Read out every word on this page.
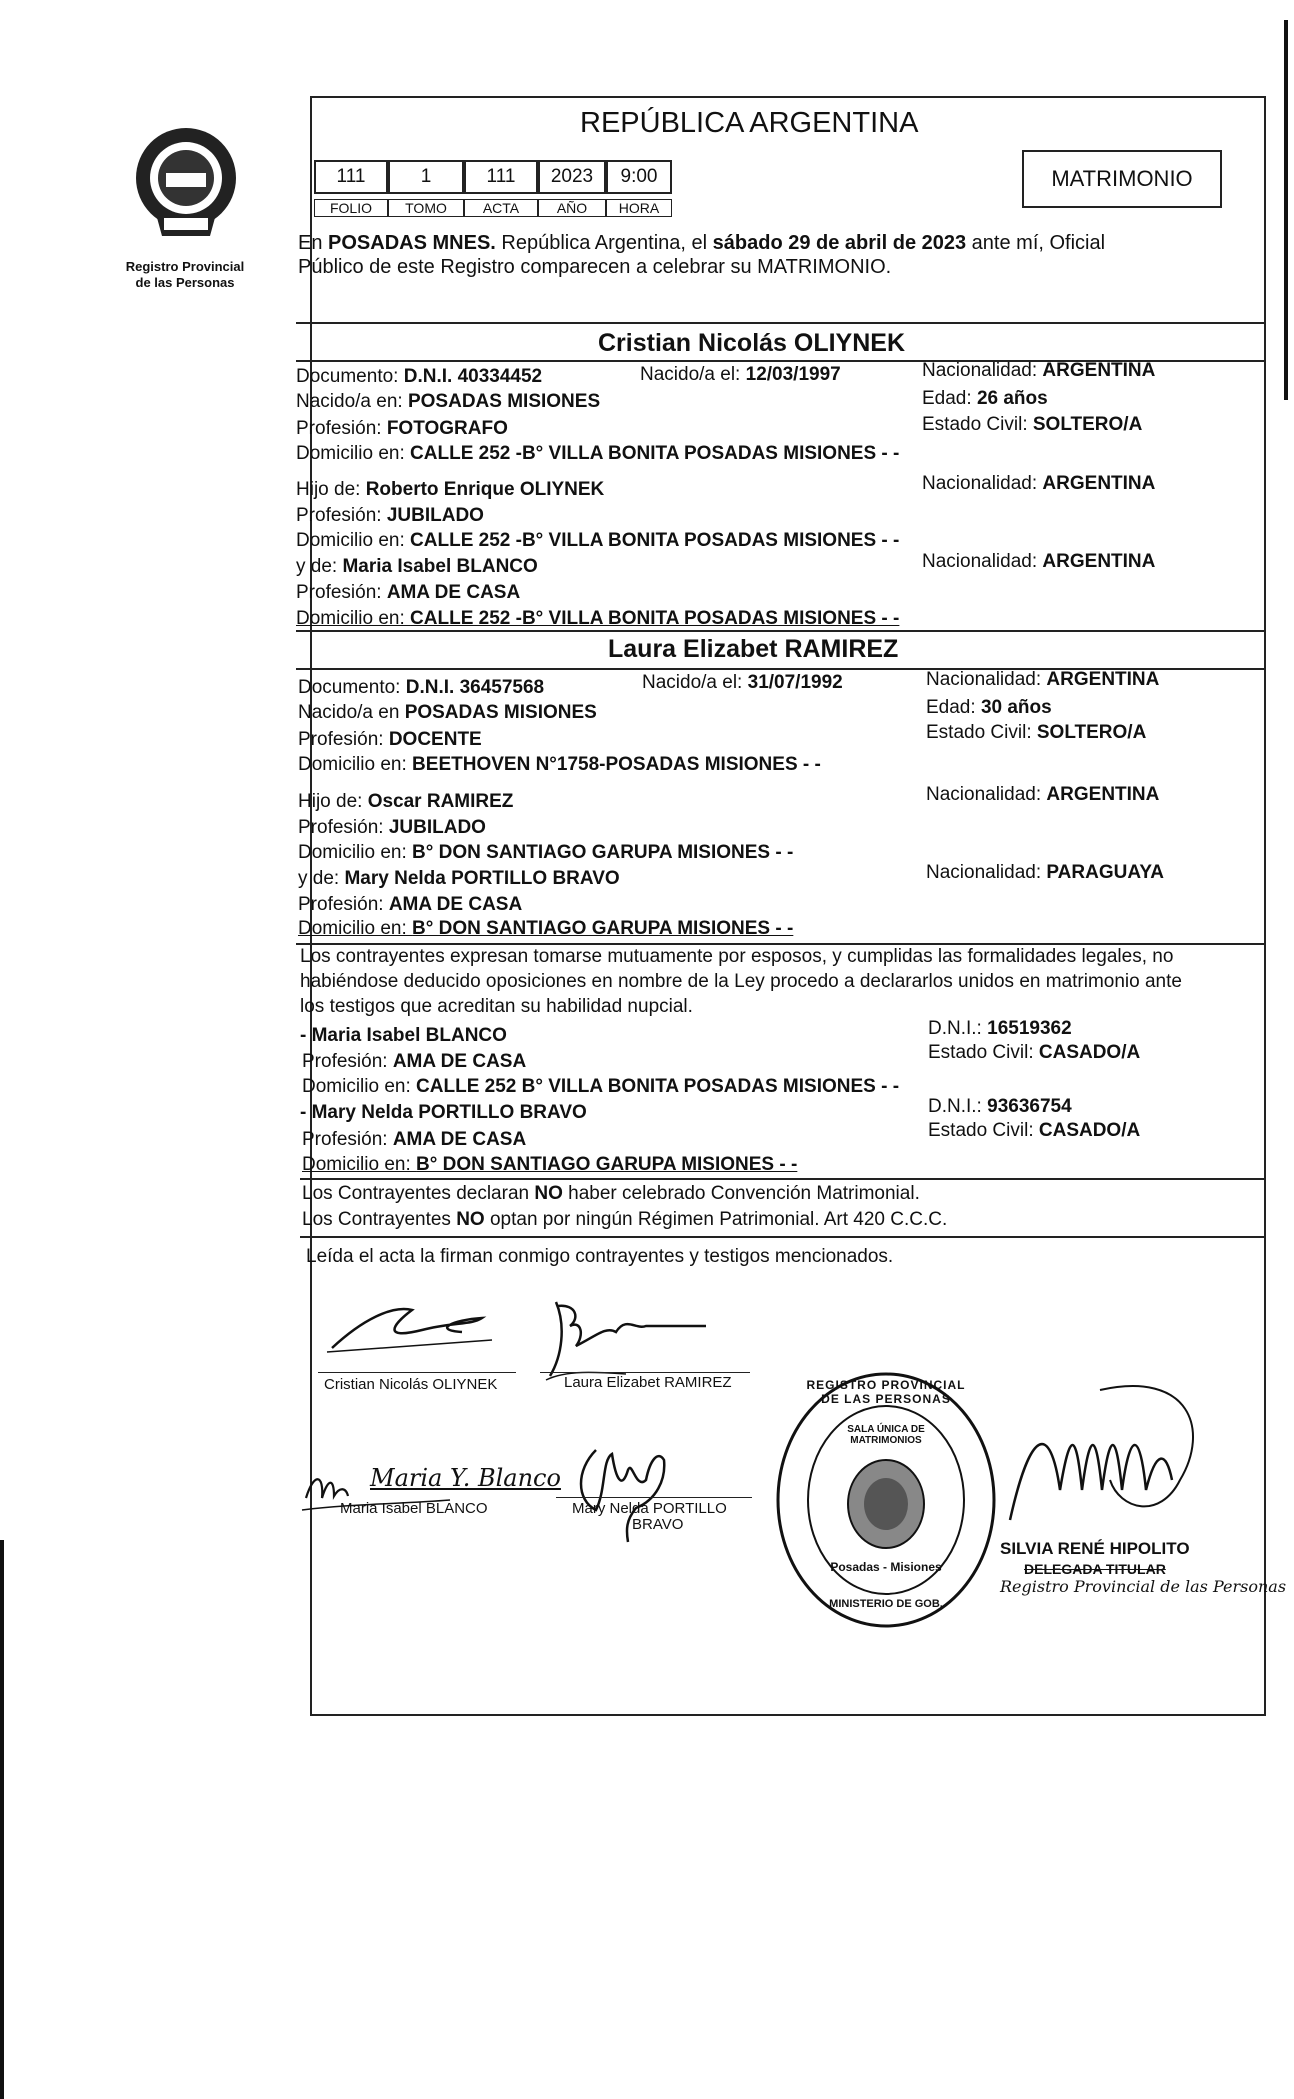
Registro Provincial
de las Personas
REPÚBLICA ARGENTINA
MATRIMONIO
111	1	111	2023	9:00
FOLIO	TOMO	ACTA	AÑO	HORA
En POSADAS MNES. República Argentina, el sábado 29 de abril de 2023 ante mí, Oficial
Público de este Registro comparecen a celebrar su MATRIMONIO.
Cristian Nicolás OLIYNEK
Documento: D.N.I. 40334452	Nacido/a el: 12/03/1997	Nacionalidad: ARGENTINA
Nacido/a en: POSADAS MISIONES	Edad: 26 años
Profesión: FOTOGRAFO	Estado Civil: SOLTERO/A
Domicilio en: CALLE 252 -B° VILLA BONITA POSADAS MISIONES - -
Hijo de: Roberto Enrique OLIYNEK	Nacionalidad: ARGENTINA
Profesión: JUBILADO
Domicilio en: CALLE 252 -B° VILLA BONITA POSADAS MISIONES - -
y de: Maria Isabel BLANCO	Nacionalidad: ARGENTINA
Profesión: AMA DE CASA
Domicilio en: CALLE 252 -B° VILLA BONITA POSADAS MISIONES - -
Laura Elizabet RAMIREZ
Documento: D.N.I. 36457568	Nacido/a el: 31/07/1992	Nacionalidad: ARGENTINA
Nacido/a en POSADAS MISIONES	Edad: 30 años
Profesión: DOCENTE	Estado Civil: SOLTERO/A
Domicilio en: BEETHOVEN N°1758-POSADAS MISIONES - -
Hijo de: Oscar RAMIREZ	Nacionalidad: ARGENTINA
Profesión: JUBILADO
Domicilio en: B° DON SANTIAGO GARUPA MISIONES - -
y de: Mary Nelda PORTILLO BRAVO	Nacionalidad: PARAGUAYA
Profesión: AMA DE CASA
Domicilio en: B° DON SANTIAGO GARUPA MISIONES - -
Los contrayentes expresan tomarse mutuamente por esposos, y cumplidas las formalidades legales, no
habiéndose deducido oposiciones en nombre de la Ley procedo a declararlos unidos en matrimonio ante
los testigos que acreditan su habilidad nupcial.
- Maria Isabel BLANCO	D.N.I.: 16519362
Profesión: AMA DE CASA	Estado Civil: CASADO/A
Domicilio en: CALLE 252 B° VILLA BONITA POSADAS MISIONES - -
- Mary Nelda PORTILLO BRAVO	D.N.I.: 93636754
Profesión: AMA DE CASA	Estado Civil: CASADO/A
Domicilio en: B° DON SANTIAGO GARUPA MISIONES - -
Los Contrayentes declaran NO haber celebrado Convención Matrimonial.
Los Contrayentes NO optan por ningún Régimen Patrimonial. Art 420 C.C.C.
Leída el acta la firman conmigo contrayentes y testigos mencionados.
Cristian Nicolás OLIYNEK	Laura Elizabet RAMIREZ
Maria Y. Blanco
Maria Isabel BLANCO	Mary Nelda PORTILLO
BRAVO
REGISTRO PROVINCIAL DE LAS PERSONAS
SALA ÚNICA DE MATRIMONIOS
Posadas - Misiones
MINISTERIO DE GOB.
SILVIA RENÉ HIPOLITO
DELEGADA TITULAR
Registro Provincial de las Personas
